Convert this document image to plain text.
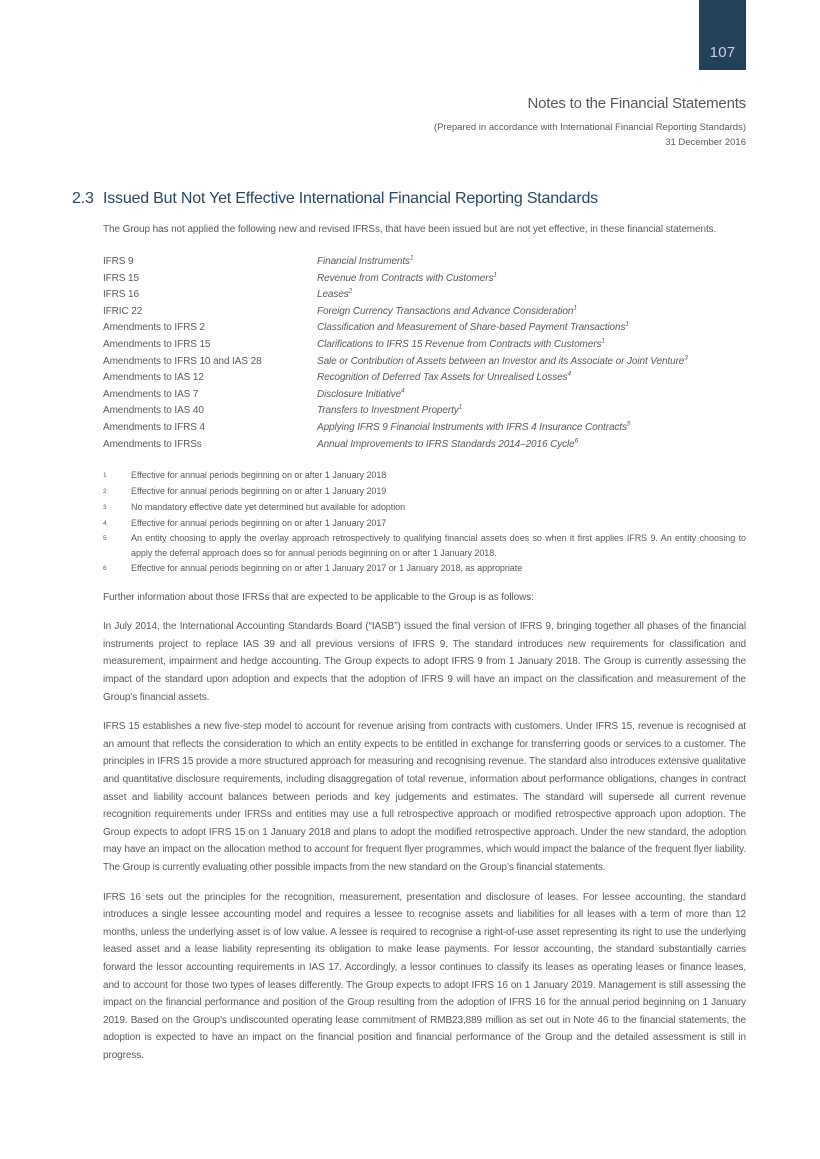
107
Notes to the Financial Statements
(Prepared in accordance with International Financial Reporting Standards)
31 December 2016
2.3 Issued But Not Yet Effective International Financial Reporting Standards
The Group has not applied the following new and revised IFRSs, that have been issued but are not yet effective, in these financial statements.
IFRS 9	Financial Instruments$^1$
IFRS 15	Revenue from Contracts with Customers$^1$
IFRS 16	Leases$^2$
IFRIC 22	Foreign Currency Transactions and Advance Consideration$^1$
Amendments to IFRS 2	Classification and Measurement of Share-based Payment Transactions$^1$
Amendments to IFRS 15	Clarifications to IFRS 15 Revenue from Contracts with Customers$^1$
Amendments to IFRS 10 and IAS 28	Sale or Contribution of Assets between an Investor and its Associate or Joint Venture$^3$
Amendments to IAS 12	Recognition of Deferred Tax Assets for Unrealised Losses$^4$
Amendments to IAS 7	Disclosure Initiative$^4$
Amendments to IAS 40	Transfers to Investment Property$^1$
Amendments to IFRS 4	Applying IFRS 9 Financial Instruments with IFRS 4 Insurance Contracts$^5$
Amendments to IFRSs	Annual Improvements to IFRS Standards 2014–2016 Cycle$^6$
1	Effective for annual periods beginning on or after 1 January 2018
2	Effective for annual periods beginning on or after 1 January 2019
3	No mandatory effective date yet determined but available for adoption
4	Effective for annual periods beginning on or after 1 January 2017
5	An entity choosing to apply the overlay approach retrospectively to qualifying financial assets does so when it first applies IFRS 9. An entity choosing to apply the deferral approach does so for annual periods beginning on or after 1 January 2018.
6	Effective for annual periods beginning on or after 1 January 2017 or 1 January 2018, as appropriate
Further information about those IFRSs that are expected to be applicable to the Group is as follows:
In July 2014, the International Accounting Standards Board (“IASB”) issued the final version of IFRS 9, bringing together all phases of the financial instruments project to replace IAS 39 and all previous versions of IFRS 9. The standard introduces new requirements for classification and measurement, impairment and hedge accounting. The Group expects to adopt IFRS 9 from 1 January 2018. The Group is currently assessing the impact of the standard upon adoption and expects that the adoption of IFRS 9 will have an impact on the classification and measurement of the Group’s financial assets.
IFRS 15 establishes a new five-step model to account for revenue arising from contracts with customers. Under IFRS 15, revenue is recognised at an amount that reflects the consideration to which an entity expects to be entitled in exchange for transferring goods or services to a customer. The principles in IFRS 15 provide a more structured approach for measuring and recognising revenue. The standard also introduces extensive qualitative and quantitative disclosure requirements, including disaggregation of total revenue, information about performance obligations, changes in contract asset and liability account balances between periods and key judgements and estimates. The standard will supersede all current revenue recognition requirements under IFRSs and entities may use a full retrospective approach or modified retrospective approach upon adoption. The Group expects to adopt IFRS 15 on 1 January 2018 and plans to adopt the modified retrospective approach. Under the new standard, the adoption may have an impact on the allocation method to account for frequent flyer programmes, which would impact the balance of the frequent flyer liability. The Group is currently evaluating other possible impacts from the new standard on the Group’s financial statements.
IFRS 16 sets out the principles for the recognition, measurement, presentation and disclosure of leases. For lessee accounting, the standard introduces a single lessee accounting model and requires a lessee to recognise assets and liabilities for all leases with a term of more than 12 months, unless the underlying asset is of low value. A lessee is required to recognise a right-of-use asset representing its right to use the underlying leased asset and a lease liability representing its obligation to make lease payments. For lessor accounting, the standard substantially carries forward the lessor accounting requirements in IAS 17. Accordingly, a lessor continues to classify its leases as operating leases or finance leases, and to account for those two types of leases differently. The Group expects to adopt IFRS 16 on 1 January 2019. Management is still assessing the impact on the financial performance and position of the Group resulting from the adoption of IFRS 16 for the annual period beginning on 1 January 2019. Based on the Group’s undiscounted operating lease commitment of RMB23,889 million as set out in Note 46 to the financial statements, the adoption is expected to have an impact on the financial position and financial performance of the Group and the detailed assessment is still in progress.
